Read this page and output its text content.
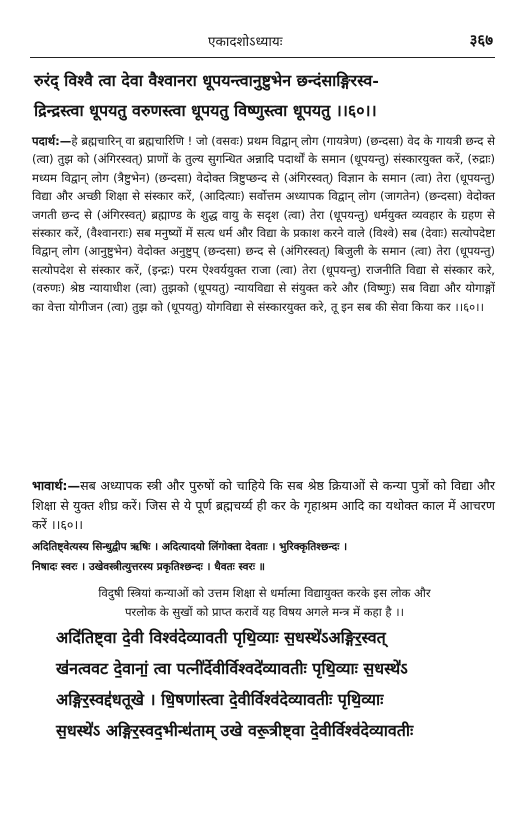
एकादशोऽध्यायः	३६७

रुरंद् विश्वै त्वा देवा वैश्वानरा धूपयन्त्वानुष्टुभेन छन्दंसाङ्गिरस्व-

द्रिन्द्रस्त्वा धूपयतु वरुणस्त्वा धूपयतु विष्णुस्त्वा धूपयतु ।।६०।।

पदार्थ:—हे ब्रह्मचारिन् वा ब्रह्मचारिणि ! जो (वसवः) प्रथम विद्वान् लोग (गायत्रेण) (छन्दसा) वेद के गायत्री छन्द से (त्वा) तुझ को (अंगिरस्वत्) प्राणों के तुल्य सुगन्धित अन्नादि पदार्थों के समान (धूपयन्तु) संस्कारयुक्त करें, (रुद्राः) मध्यम विद्वान् लोग (त्रैष्टुभेन) (छन्दसा) वेदोक्त त्रिष्टुप्छन्द से (अंगिरस्वत्) विज्ञान के समान (त्वा) तेरा (धूपयन्तु) विद्या और अच्छी शिक्षा से संस्कार करें, (आदित्याः) सर्वोत्तम अध्यापक विद्वान् लोग (जागतेन) (छन्दसा) वेदोक्त जगती छन्द से (अंगिरस्वत्) ब्रह्माण्ड के शुद्ध वायु के सदृश (त्वा) तेरा (धूपयन्तु) धर्मयुक्त व्यवहार के ग्रहण से संस्कार करें, (वैश्वानराः) सब मनुष्यों में सत्य धर्म और विद्या के प्रकाश करने वाले (विश्वे) सब (देवाः) सत्योपदेष्टा विद्वान् लोग (आनुष्टुभेन) वेदोक्त अनुष्टुप् (छन्दसा) छन्द से (अंगिरस्वत्) बिजुली के समान (त्वा) तेरा (धूपयन्तु) सत्योपदेश से संस्कार करें, (इन्द्रः) परम ऐश्वर्ययुक्त राजा (त्वा) तेरा (धूपयन्तु) राजनीति विद्या से संस्कार करे, (वरुणः) श्रेष्ठ न्यायाधीश (त्वा) तुझको (धूपयतु) न्यायविद्या से संयुक्त करे और (विष्णुः) सब विद्या और योगाङ्गों का वेत्ता योगीजन (त्वा) तुझ को (धूपयतु) योगविद्या से संस्कारयुक्त करे, तू इन सब की सेवा किया कर ।।६०।।

भावार्थ:—सब अध्यापक स्त्री और पुरुषों को चाहिये कि सब श्रेष्ठ क्रियाओं से कन्या पुत्रों को विद्या और शिक्षा से युक्त शीघ्र करें। जिस से ये पूर्ण ब्रह्मचर्य्य ही कर के गृहाश्रम आदि का यथोक्त काल में आचरण करें ।।६०।।

अदितिष्ट्वेत्यस्य सिन्धुद्वीप ऋषिः । अदित्यादयो लिंगोक्ता देवताः । भुरिक्कृतिश्छन्दः ।
निषादः स्वरः । उखेवस्त्रीत्युत्तरस्य प्रकृतिश्छन्दः । धैवतः स्वरः ॥

विदुषी स्त्रियां कन्याओं को उत्तम शिक्षा से धर्मात्मा विद्यायुक्त करके इस लोक और

परलोक के सुखों को प्राप्त करावें यह विषय अगले मन्त्र में कहा है ।।

अदि॑तिष्ट्वा दे॒वी विश्व॑देव्यावती पृथि॒व्याः स॒धस्थे॑ऽअङ्गिर॒स्वत्

ख॑नत्ववट दे॒वानां॒ त्वा पत्नी॑र्देवीर्विश्वदे॑व्यावतीः पृथि॒व्याः स॒धस्थे॑ऽ

अङ्गिर॒स्वद्द॑धतूखे । धि॒षणा॑स्त्वा दे॒वीर्विश्व॑देव्यावतीः पृथि॒व्याः

स॒धस्थे॑ऽ अङ्गिर॒स्वद॒भीन्ध॑ताम् उखे वरू॒त्रीष्ट्वा दे॒वीर्विश्व॑देव्यावतीः
